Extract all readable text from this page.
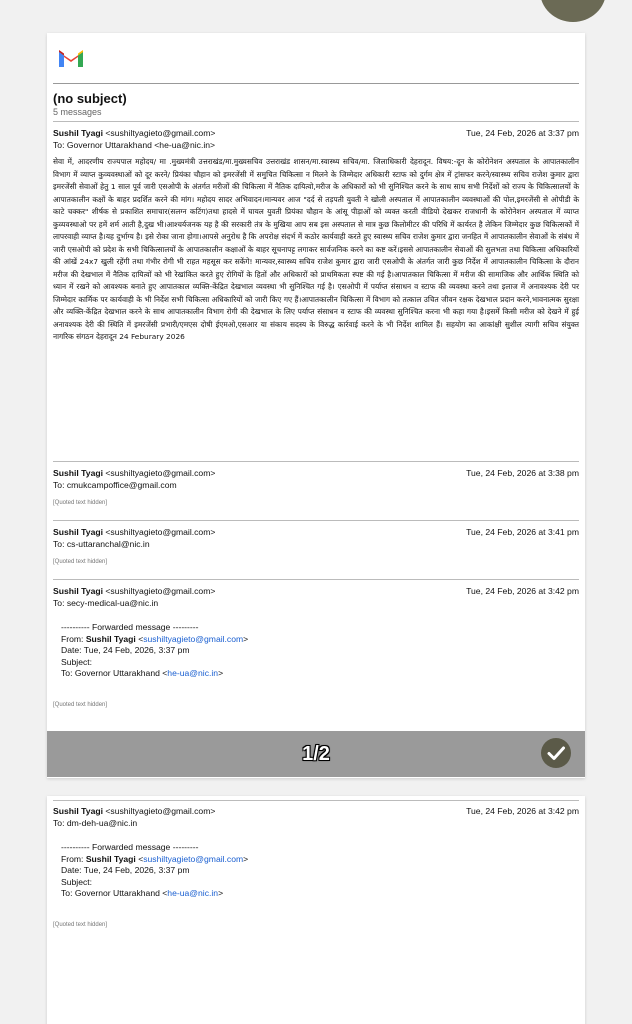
(no subject)
5 messages
Sushil Tyagi <sushiltyagieto@gmail.com>	Tue, 24 Feb, 2026 at 3:37 pm
To: Governor Uttarakhand <he-ua@nic.in>
सेवा में, आदरणीय राज्यपाल महोदय/ मा .मुख्यमंत्री उत्तराखंड/मा.मुख्यसचिव उत्तराखंड शासन/मा.स्वास्थ्य सचिव/मा. जिलाधिकारी देहरादून. विषय:-दून के कोरोनेशन अस्पताल के आपातकालीन विभाग में व्याप्त कुव्यवस्थाओं को दूर करने/ प्रियंका चौहान को इमरजेंसी में समुचित चिकित्सा न मिलने के जिम्मेदार अधिकारी स्टाफ को दुर्गम क्षेत्र में ट्रांसफर करने/स्वास्थ्य सचिव राजेश कुमार द्वारा इमरजेंसी सेवाओं हेतु 1 साल पूर्व जारी एसओपी के अंतर्गत मरीजों की चिकित्सा में नैतिक दायित्वो,मरीज के अधिकारों को भी सुनिश्चित करने के साथ साथ सभी निर्देशों को राज्य के चिकित्सालयों के आपातकालीन कक्षों के बाहर प्रदर्शित करने की मांग। महोदय सादर अभिवादन।मान्यवर आज "दर्द से तड़पती युवती ने खोली अस्पताल में आपातकालीन व्यवस्थाओं की पोल,इमरजेंसी से ओपीडी के काटे चक्कर" शीर्षक से प्रकाशित समाचार(सलग्न कटिंग)तथा हादसे में घायल युवती प्रियंका चौहान के आंसू पीड़ाओं को व्यक्त करती वीडियो देखकर राजधानी के कोरोनेशन अस्पताल में व्याप्त कुव्यवस्थाओ पर हमें शर्म आती है,दुख भी।आश्चर्यजनक यह है की सरकारी तंत्र के मुखिया आप सब इस अस्पताल से मात्र कुछ किलोमीटर की परिधि में कार्यरत है लेकिन जिम्मेदार कुछ चिकित्सकों में लापरवाही व्याप्त है।यह दुर्भाग्य है। इसे रोका जाना होगा।आपसे अनुरोध है कि अपरोक्ष संदर्भ में कठोर कार्यवाही करते हुए स्वास्थ्य सचिव राजेश कुमार द्वारा जनहित में आपातकालीन सेवाओं के संबंध में जारी एसओपी को प्रदेश के सभी चिकित्सालयों के आपातकालीन कक्षाओं के बाहर सूचनापट्ट लगाकर सार्वजनिक करने का कष्ट करें।इससे आपातकालीन सेवाओं की सुलभता तथा चिकित्सा अधिकारियों की आंखें 24x7 खुली रहेंगी तथा गंभीर रोगी भी राहत महसूस कर सकेंगे! मान्यवर,स्वास्थ्य सचिव राजेश कुमार द्वारा जारी एसओपी के अंतर्गत जारी कुछ निर्देश में आपातकालीन चिकित्सा के दौरान मरीज की देखभाल में नैतिक दायित्वों को भी रेखांकित करते हुए रोगियों के हितों और अधिकारों को प्राथमिकता स्पष्ट की गई है।आपातकाल चिकित्सा में मरीज की सामाजिक और आर्थिक स्थिति को ध्यान में रखने को आवश्यक बनाते हुए आपातकाल व्यक्ति-केंद्रित देखभाल व्यवस्था भी सुनिश्चित गई है। एसओपी में पर्याप्त संसाधन व स्टाफ की व्यवस्था करने तथा इलाज में अनावश्यक देरी पर जिम्मेदार कार्मिक पर कार्यवाही के भी निर्देश सभी चिकित्सा अधिकारियों को जारी किए गए हैं।आपातकालीन चिकित्सा में विभाग को तत्काल उचित जीवन रक्षक देखभाल प्रदान करने,भावनात्मक सुरक्षा और व्यक्ति-केंद्रित देखभाल करने के साथ आपातकालीन विभाग रोगी की देखभाल के लिए पर्याप्त संसाधन व स्टाफ की व्यवस्था सुनिश्चित करना भी कहा गया है।इसमें किसी मरीज को देखने में हुई अनावश्यक देरी की स्थिति में इमरजेंसी प्रभारी/एमएस दोषी ईएमओ,एसआर या संकाय सदस्य के विरुद्ध कार्रवाई करने के भी निर्देश शामिल हैं। सहयोग का आकांक्षी सुशील त्यागी सचिव संयुक्त नागरिक संगठन देहरादून 24 Feburary 2026
Sushil Tyagi <sushiltyagieto@gmail.com>	Tue, 24 Feb, 2026 at 3:38 pm
To: cmukcampoffice@gmail.com
[Quoted text hidden]
Sushil Tyagi <sushiltyagieto@gmail.com>	Tue, 24 Feb, 2026 at 3:41 pm
To: cs-uttaranchal@nic.in
[Quoted text hidden]
Sushil Tyagi <sushiltyagieto@gmail.com>	Tue, 24 Feb, 2026 at 3:42 pm
To: secy-medical-ua@nic.in
---------- Forwarded message ---------
From: Sushil Tyagi <sushiltyagieto@gmail.com>
Date: Tue, 24 Feb, 2026, 3:37 pm
Subject:
To: Governor Uttarakhand <he-ua@nic.in>
[Quoted text hidden]
1/2
Sushil Tyagi <sushiltyagieto@gmail.com>	Tue, 24 Feb, 2026 at 3:42 pm
To: dm-deh-ua@nic.in
---------- Forwarded message ---------
From: Sushil Tyagi <sushiltyagieto@gmail.com>
Date: Tue, 24 Feb, 2026, 3:37 pm
Subject:
To: Governor Uttarakhand <he-ua@nic.in>
[Quoted text hidden]
